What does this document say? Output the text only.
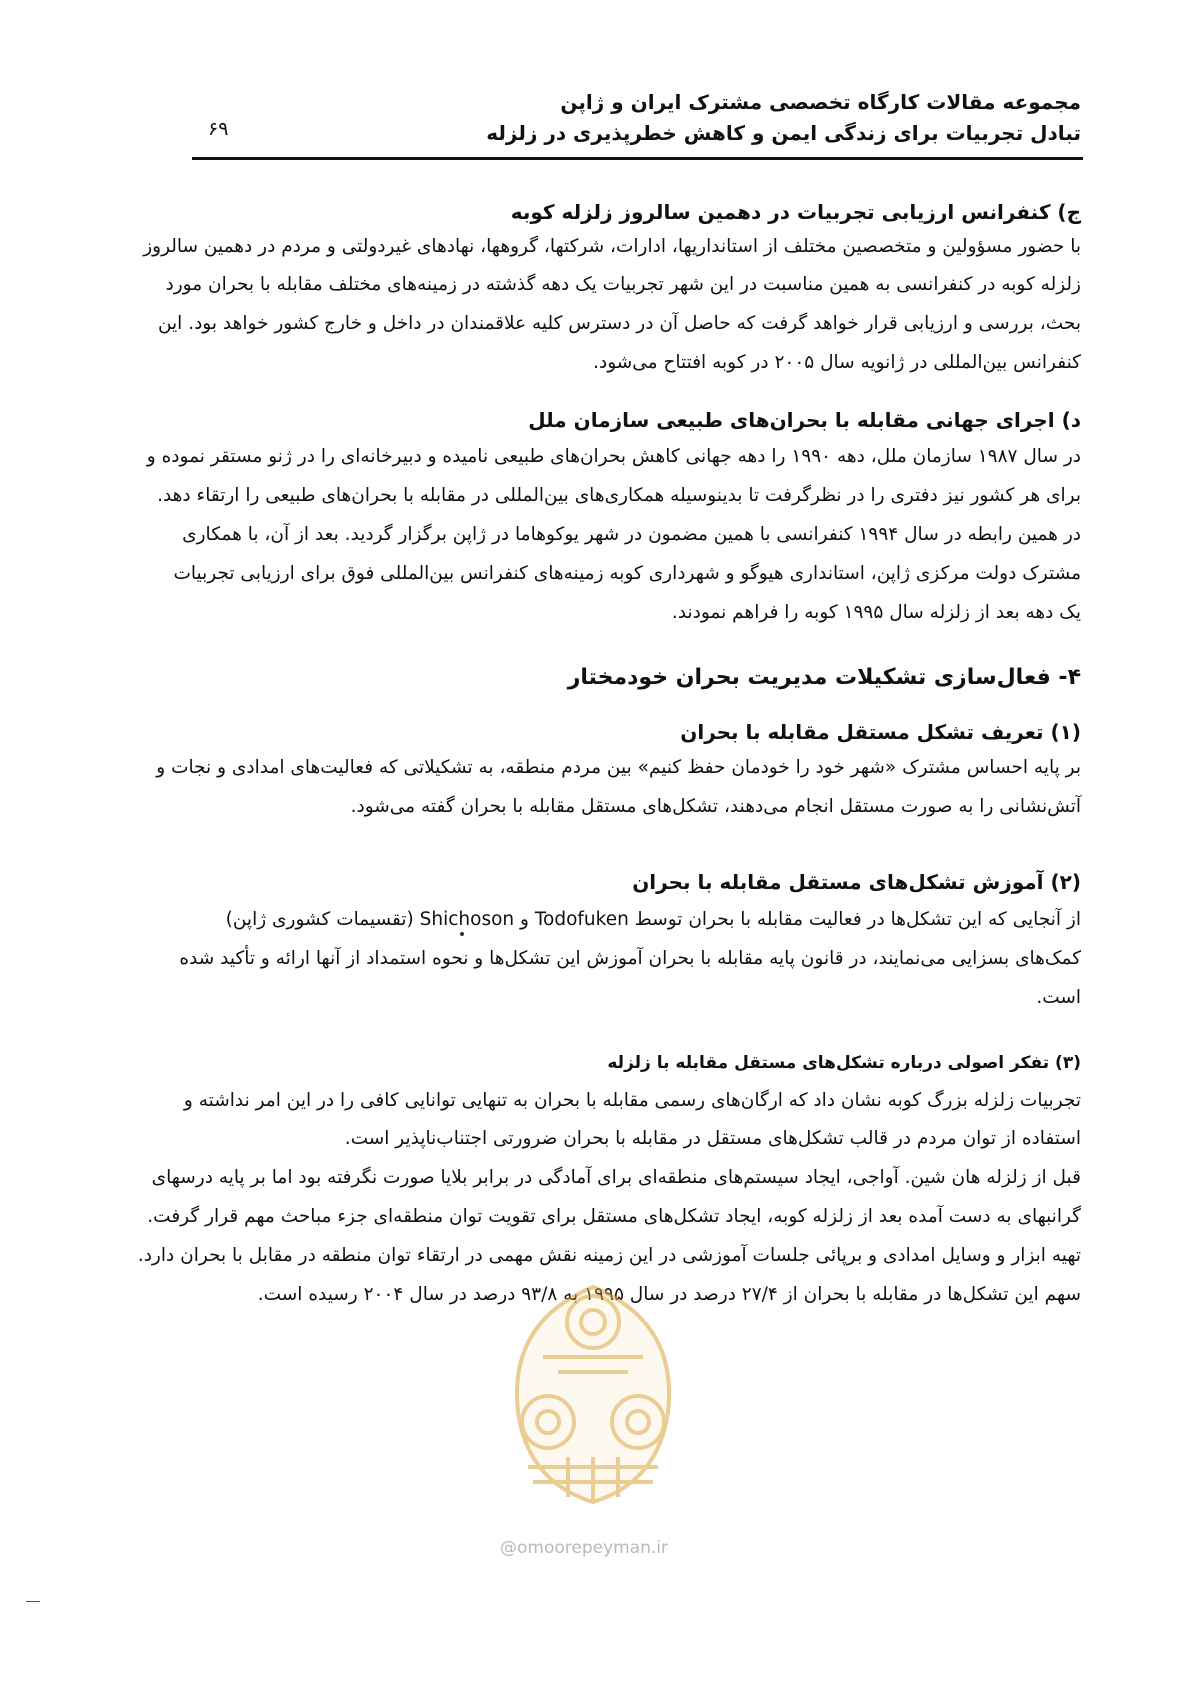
مجموعه مقالات کارگاه تخصصی مشترک ایران و ژاپن
تبادل تجربیات برای زندگی ایمن و کاهش خطرپذیری در زلزله
۶۹
ج) کنفرانس ارزیابی تجربیات در دهمین سالروز زلزله کوبه
با حضور مسؤولین و متخصصین مختلف از استانداریها، ادارات، شرکتها، گروهها، نهادهای غیردولتی و مردم در دهمین سالروز
زلزله کوبه در کنفرانسی به همین مناسبت در این شهر تجربیات یک دهه گذشته در زمینه‌های مختلف مقابله با بحران مورد
بحث، بررسی و ارزیابی قرار خواهد گرفت که حاصل آن در دسترس کلیه علاقمندان در داخل و خارج کشور خواهد بود. این
کنفرانس بین‌المللی در ژانویه سال ۲۰۰۵ در کوبه افتتاح می‌شود.
د) اجرای جهانی مقابله با بحران‌های طبیعی سازمان ملل
در سال ۱۹۸۷ سازمان ملل، دهه ۱۹۹۰ را دهه جهانی کاهش بحران‌های طبیعی نامیده و دبیرخانه‌ای را در ژنو مستقر نموده و
برای هر کشور نیز دفتری را در نظرگرفت تا بدینوسیله همکاری‌های بین‌المللی در مقابله با بحران‌های طبیعی را ارتقاء دهد.
در همین رابطه در سال ۱۹۹۴ کنفرانسی با همین مضمون در شهر یوکوهاما در ژاپن برگزار گردید. بعد از آن، با همکاری
مشترک دولت مرکزی ژاپن، استانداری هیوگو و شهرداری کوبه زمینه‌های کنفرانس بین‌المللی فوق برای ارزیابی تجربیات
یک دهه بعد از زلزله سال ۱۹۹۵ کوبه را فراهم نمودند.
۴- فعال‌سازی تشکیلات مدیریت بحران خودمختار
(۱) تعریف تشکل مستقل مقابله با بحران
بر پایه احساس مشترک «شهر خود را خودمان حفظ کنیم» بین مردم منطقه، به تشکیلاتی که فعالیت‌های امدادی و نجات و
آتش‌نشانی را به صورت مستقل انجام می‌دهند، تشکل‌های مستقل مقابله با بحران گفته می‌شود.
(۲) آموزش تشکل‌های مستقل مقابله با بحران
از آنجایی که این تشکل‌ها در فعالیت مقابله با بحران توسط Todofuken و Shichoson (تقسیمات کشوری ژاپن)
کمک‌های بسزایی می‌نمایند، در قانون پایه مقابله با بحران آموزش این تشکل‌ها و نحوه استمداد از آنها ارائه و تأکید شده
است.
(۳) تفکر اصولی درباره تشکل‌های مستقل مقابله با زلزله
تجربیات زلزله بزرگ کوبه نشان داد که ارگان‌های رسمی مقابله با بحران به تنهایی توانایی کافی را در این امر نداشته و
استفاده از توان مردم در قالب تشکل‌های مستقل در مقابله با بحران ضرورتی اجتناب‌ناپذیر است.
قبل از زلزله هان شین. آواجی، ایجاد سیستم‌های منطقه‌ای برای آمادگی در برابر بلایا صورت نگرفته بود اما بر پایه درسهای
گرانبهای به دست آمده بعد از زلزله کوبه، ایجاد تشکل‌های مستقل برای تقویت توان منطقه‌ای جزء مباحث مهم قرار گرفت.
تهیه ابزار و وسایل امدادی و برپائی جلسات آموزشی در این زمینه نقش مهمی در ارتقاء توان منطقه در مقابل با بحران دارد.
سهم این تشکل‌ها در مقابله با بحران از ۲۷/۴ درصد در سال ۱۹۹۵ به ۹۳/۸ درصد در سال ۲۰۰۴ رسیده است.
@omoorepeyman.ir
